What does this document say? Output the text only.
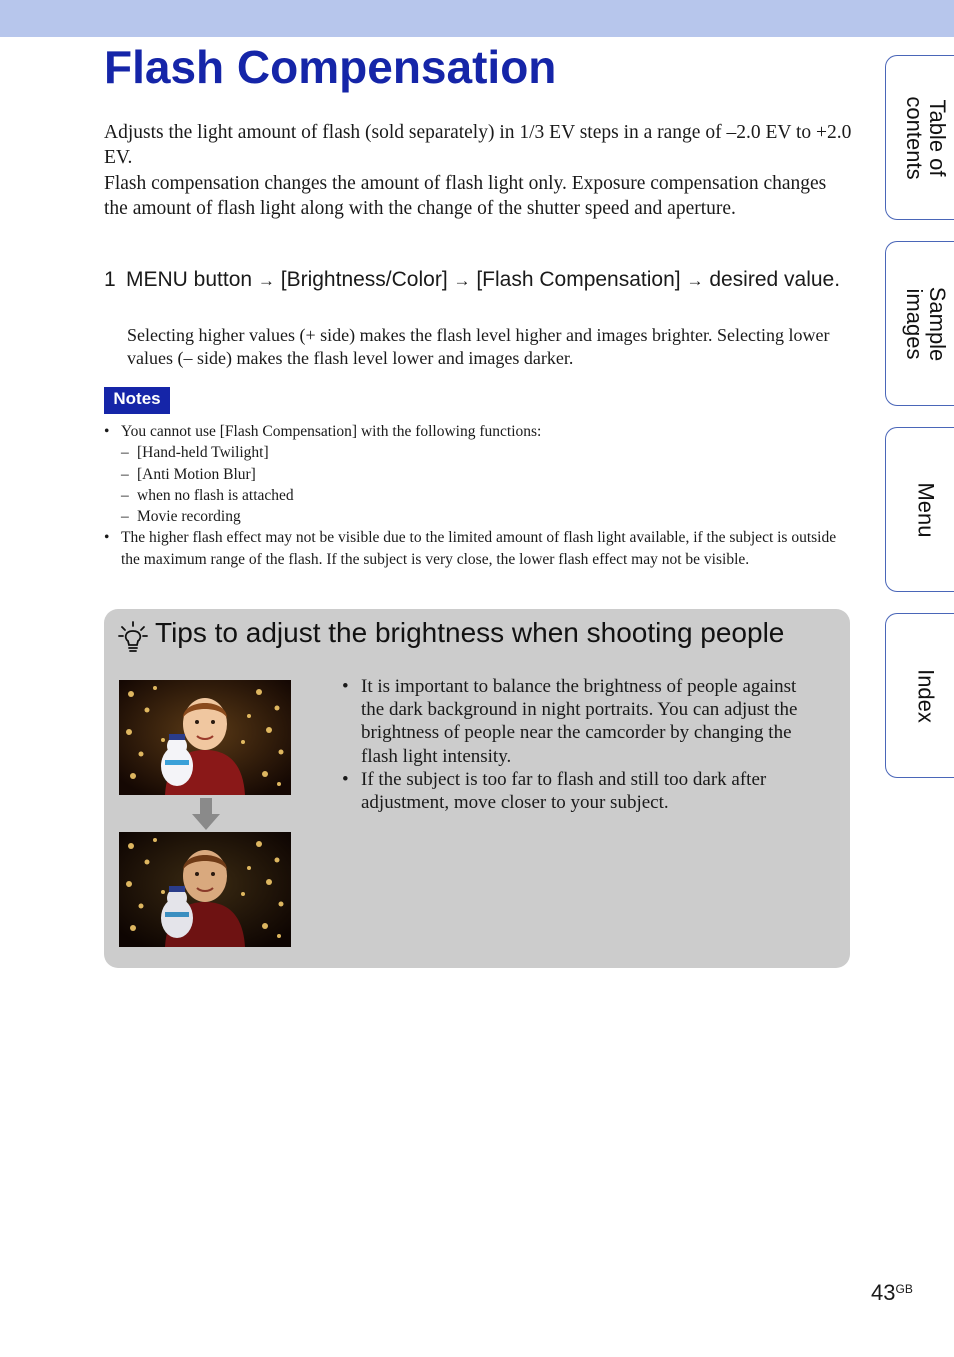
Flash Compensation

Adjusts the light amount of flash (sold separately) in 1/3 EV steps in a range of –2.0 EV to +2.0 EV.

Flash compensation changes the amount of flash light only. Exposure compensation changes the amount of flash light along with the change of the shutter speed and aperture.

1 MENU button → [Brightness/Color] → [Flash Compensation] → desired value.
Selecting higher values (+ side) makes the flash level higher and images brighter. Selecting lower values (– side) makes the flash level lower and images darker.
Notes
• You cannot use [Flash Compensation] with the following functions:
– [Hand-held Twilight]
– [Anti Motion Blur]
– when no flash is attached
– Movie recording
• The higher flash effect may not be visible due to the limited amount of flash light available, if the subject is outside the maximum range of the flash. If the subject is very close, the lower flash effect may not be visible.
Tips to adjust the brightness when shooting people
• It is important to balance the brightness of people against the dark background in night portraits. You can adjust the brightness of people near the camcorder by changing the flash light intensity.
• If the subject is too far to flash and still too dark after adjustment, move closer to your subject.
Table of
contents
Sample
images
Menu
Index
$43^{GB}$
